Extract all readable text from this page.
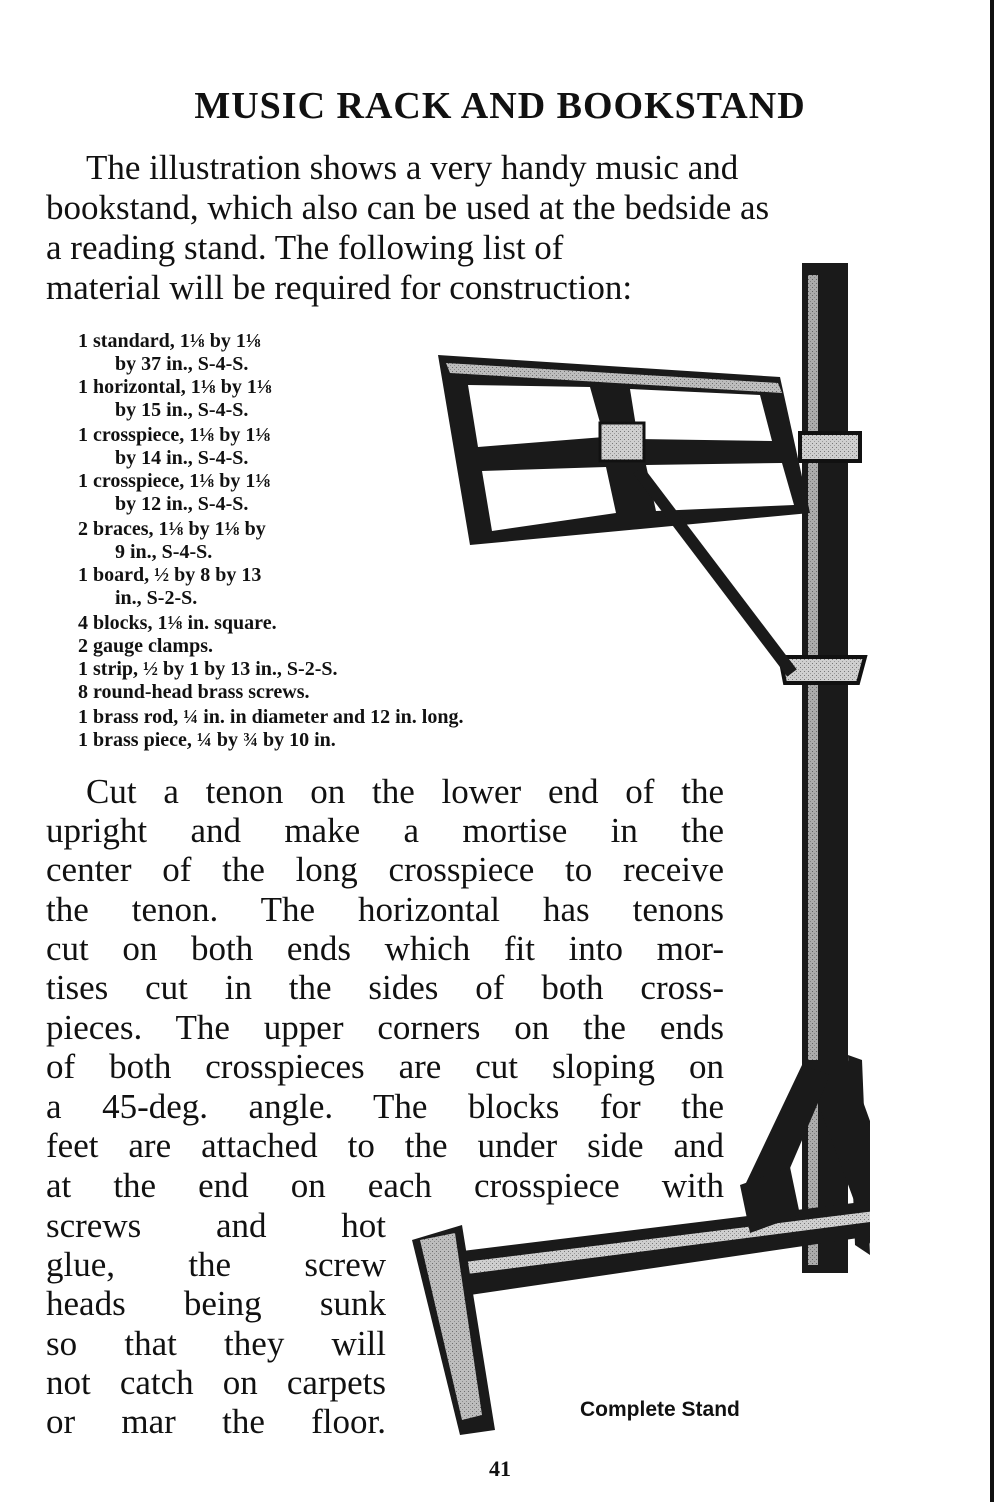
MUSIC RACK AND BOOKSTAND
The illustration shows a very handy music and
bookstand, which also can be used at the bedside as
a reading stand. The following list of
material will be required for construction:
1 standard, 1⅛ by 1⅛
by 37 in., S-4-S.
1 horizontal, 1⅛ by 1⅛
by 15 in., S-4-S.
1 crosspiece, 1⅛ by 1⅛
by 14 in., S-4-S.
1 crosspiece, 1⅛ by 1⅛
by 12 in., S-4-S.
2 braces, 1⅛ by 1⅛ by
9 in., S-4-S.
1 board, ½ by 8 by 13
in., S-2-S.
4 blocks, 1⅛ in. square.
2 gauge clamps.
1 strip, ½ by 1 by 13 in., S-2-S.
8 round-head brass screws.
1 brass rod, ¼ in. in diameter and 12 in. long.
1 brass piece, ¼ by ¾ by 10 in.
Cut a tenon on the lower end of the
upright and make a mortise in the
center of the long crosspiece to receive
the tenon. The horizontal has tenons
cut on both ends which fit into mor-
tises cut in the sides of both cross-
pieces. The upper corners on the ends
of both crosspieces are cut sloping on
a 45-deg. angle. The blocks for the
feet are attached to the under side and
at the end on each crosspiece with
screws and hot
glue, the screw
heads being sunk
so that they will
not catch on carpets
or mar the floor.	Complete Stand
41
